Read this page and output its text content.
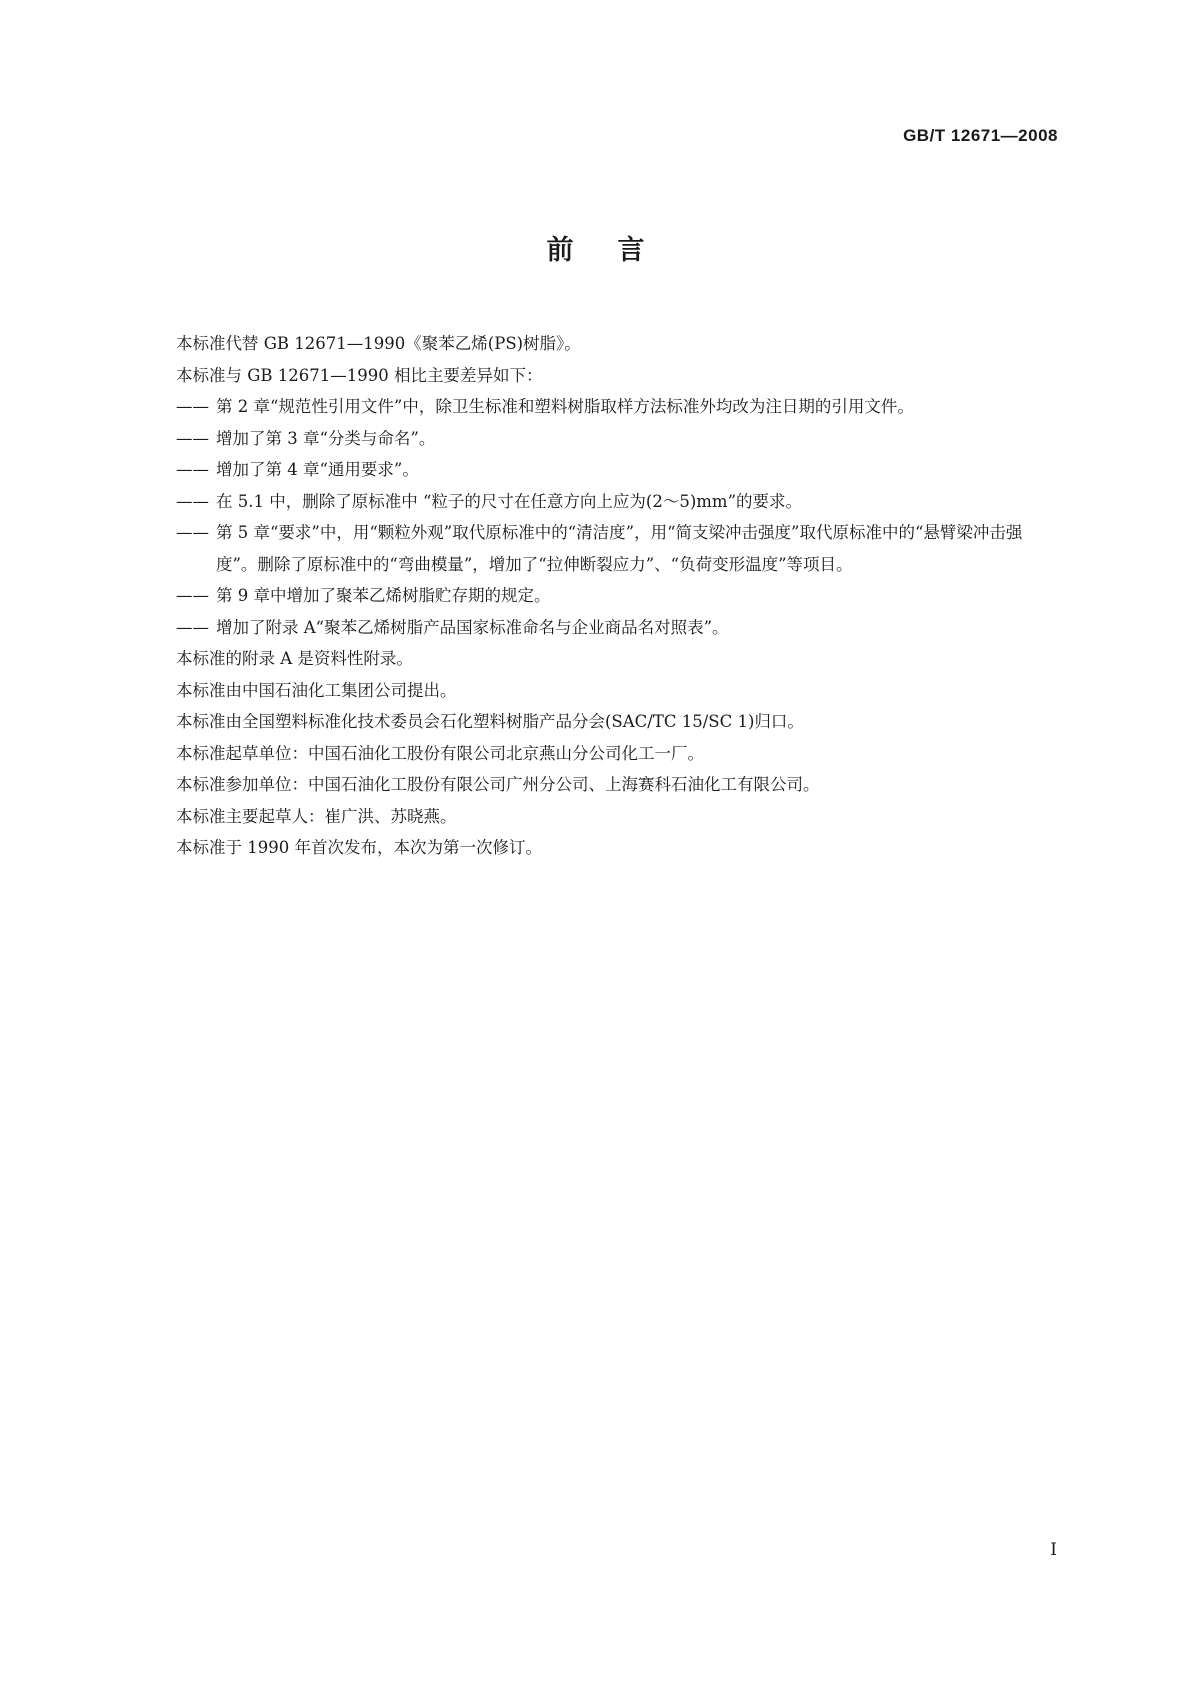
GB/T 12671—2008
前言

本标准代替 GB 12671—1990《聚苯乙烯(PS)树脂》。

本标准与 GB 12671—1990 相比主要差异如下：

—— 第 2 章“规范性引用文件”中，除卫生标准和塑料树脂取样方法标准外均改为注日期的引用文件。

—— 增加了第 3 章“分类与命名”。

—— 增加了第 4 章“通用要求”。

—— 在 5.1 中，删除了原标准中 “粒子的尺寸在任意方向上应为(2～5)mm”的要求。

—— 第 5 章“要求”中，用“颗粒外观”取代原标准中的“清洁度”，用“简支梁冲击强度”取代原标准中的“悬臂梁冲击强度”。删除了原标准中的“弯曲模量”，增加了“拉伸断裂应力”、“负荷变形温度”等项目。

—— 第 9 章中增加了聚苯乙烯树脂贮存期的规定。

—— 增加了附录 A“聚苯乙烯树脂产品国家标准命名与企业商品名对照表”。

本标准的附录 A 是资料性附录。

本标准由中国石油化工集团公司提出。

本标准由全国塑料标准化技术委员会石化塑料树脂产品分会(SAC/TC 15/SC 1)归口。

本标准起草单位：中国石油化工股份有限公司北京燕山分公司化工一厂。

本标准参加单位：中国石油化工股份有限公司广州分公司、上海赛科石油化工有限公司。

本标准主要起草人：崔广洪、苏晓燕。

本标准于 1990 年首次发布，本次为第一次修订。

I
